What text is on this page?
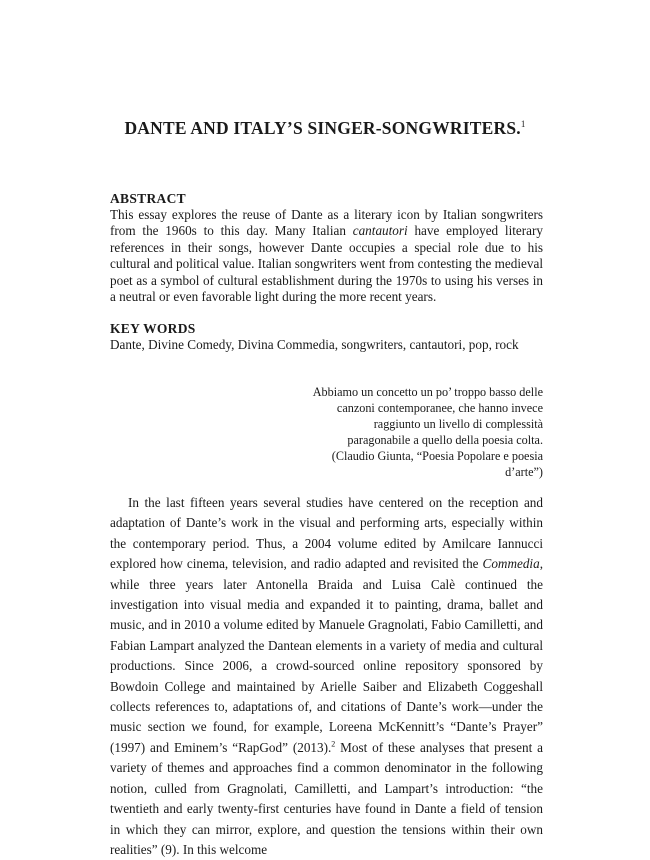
DANTE AND ITALY’S SINGER-SONGWRITERS.$^1$
ABSTRACT
This essay explores the reuse of Dante as a literary icon by Italian songwriters from the 1960s to this day. Many Italian cantautori have employed literary references in their songs, however Dante occupies a special role due to his cultural and political value. Italian songwriters went from contesting the medieval poet as a symbol of cultural establishment during the 1970s to using his verses in a neutral or even favorable light during the more recent years.
KEY WORDS
Dante, Divine Comedy, Divina Commedia, songwriters, cantautori, pop, rock
Abbiamo un concetto un po’ troppo basso delle canzoni contemporanee, che hanno invece raggiunto un livello di complessità paragonabile a quello della poesia colta.
(Claudio Giunta, “Poesia Popolare e poesia d’arte”)
In the last fifteen years several studies have centered on the reception and adaptation of Dante’s work in the visual and performing arts, especially within the contemporary period. Thus, a 2004 volume edited by Amilcare Iannucci explored how cinema, television, and radio adapted and revisited the Commedia, while three years later Antonella Braida and Luisa Calè continued the investigation into visual media and expanded it to painting, drama, ballet and music, and in 2010 a volume edited by Manuele Gragnolati, Fabio Camilletti, and Fabian Lampart analyzed the Dantean elements in a variety of media and cultural productions. Since 2006, a crowd-sourced online repository sponsored by Bowdoin College and maintained by Arielle Saiber and Elizabeth Coggeshall collects references to, adaptations of, and citations of Dante’s work—under the music section we found, for example, Loreena McKennitt’s “Dante’s Prayer” (1997) and Eminem’s “RapGod” (2013).$^2$ Most of these analyses that present a variety of themes and approaches find a common denominator in the following notion, culled from Gragnolati, Camilletti, and Lampart’s introduction: “the twentieth and early twenty-first centuries have found in Dante a field of tension in which they can mirror, explore, and question the tensions within their own realities” (9). In this welcome
